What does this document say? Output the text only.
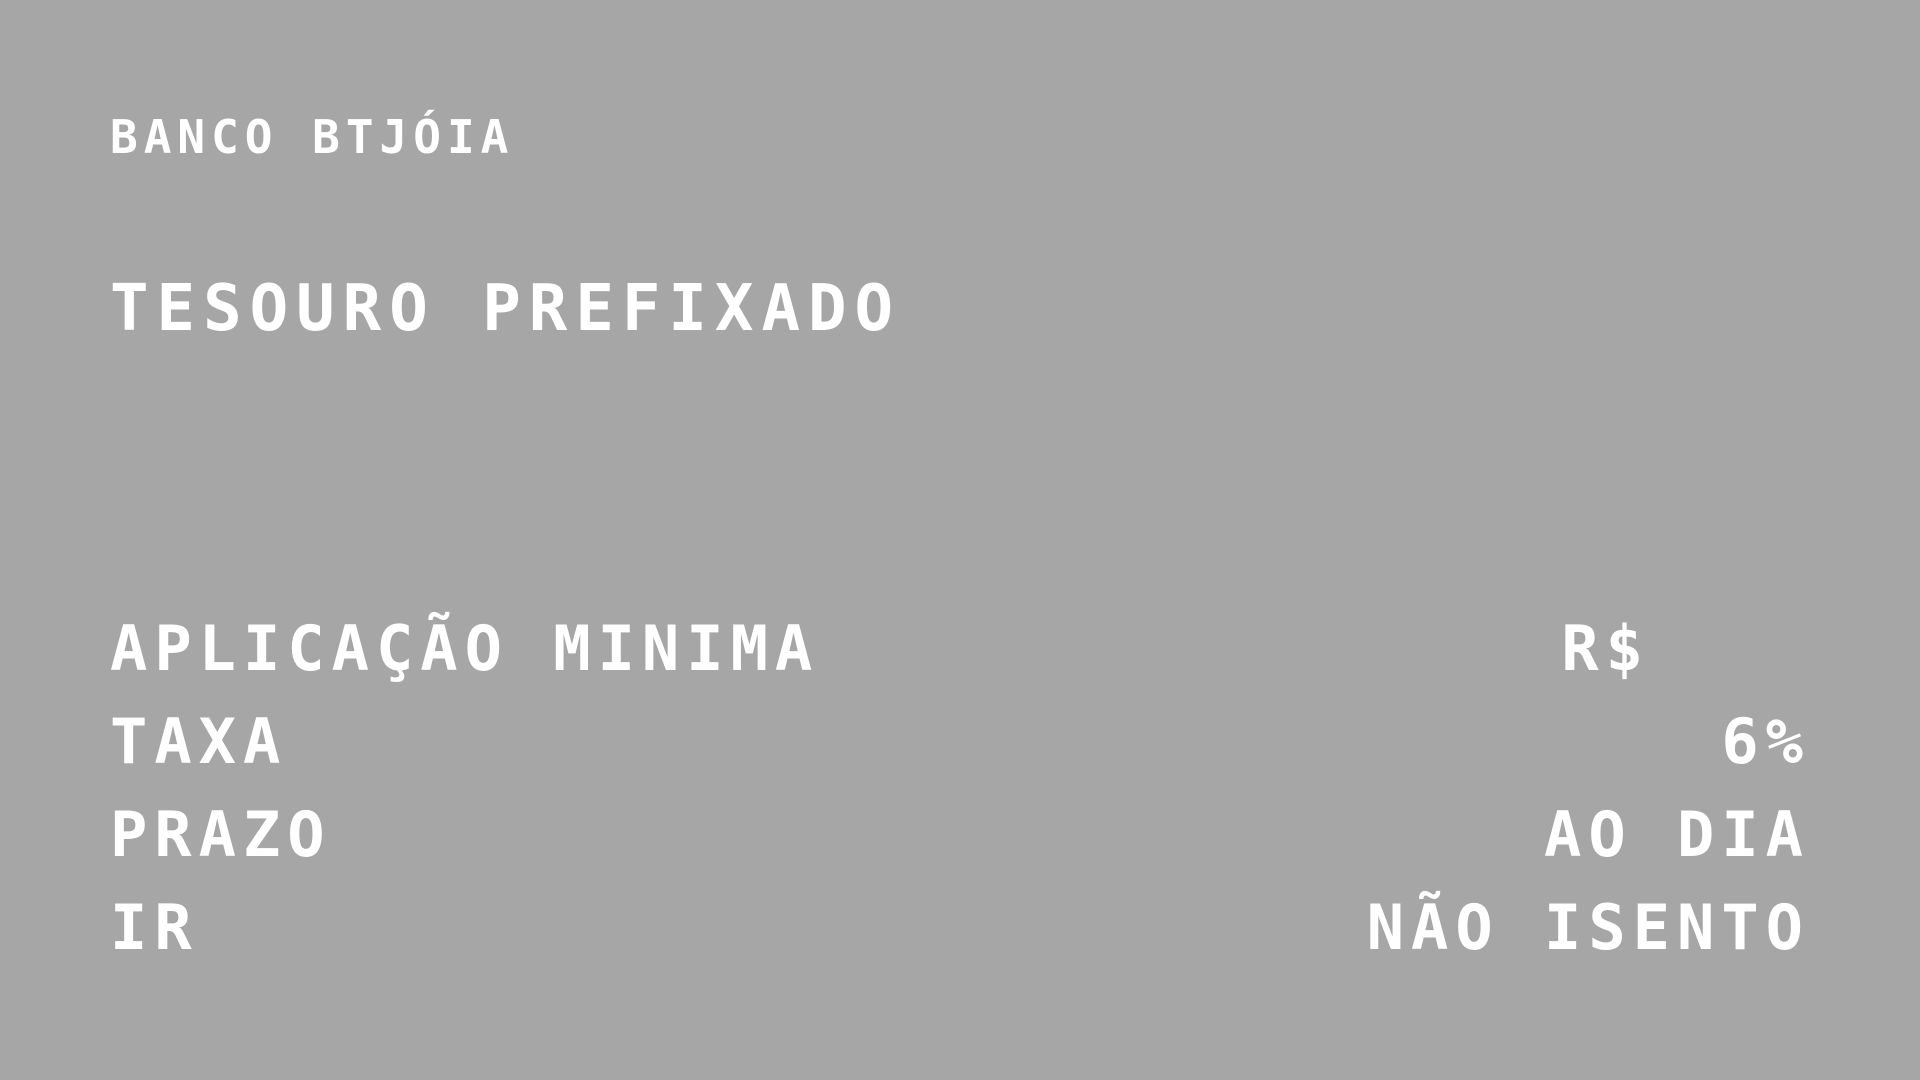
BANCO BTJÓIA
TESOURO PREFIXADO
APLICAÇÃO MINIMA	R$
TAXA	6%
PRAZO	AO DIA
IR	NÃO ISENTO
